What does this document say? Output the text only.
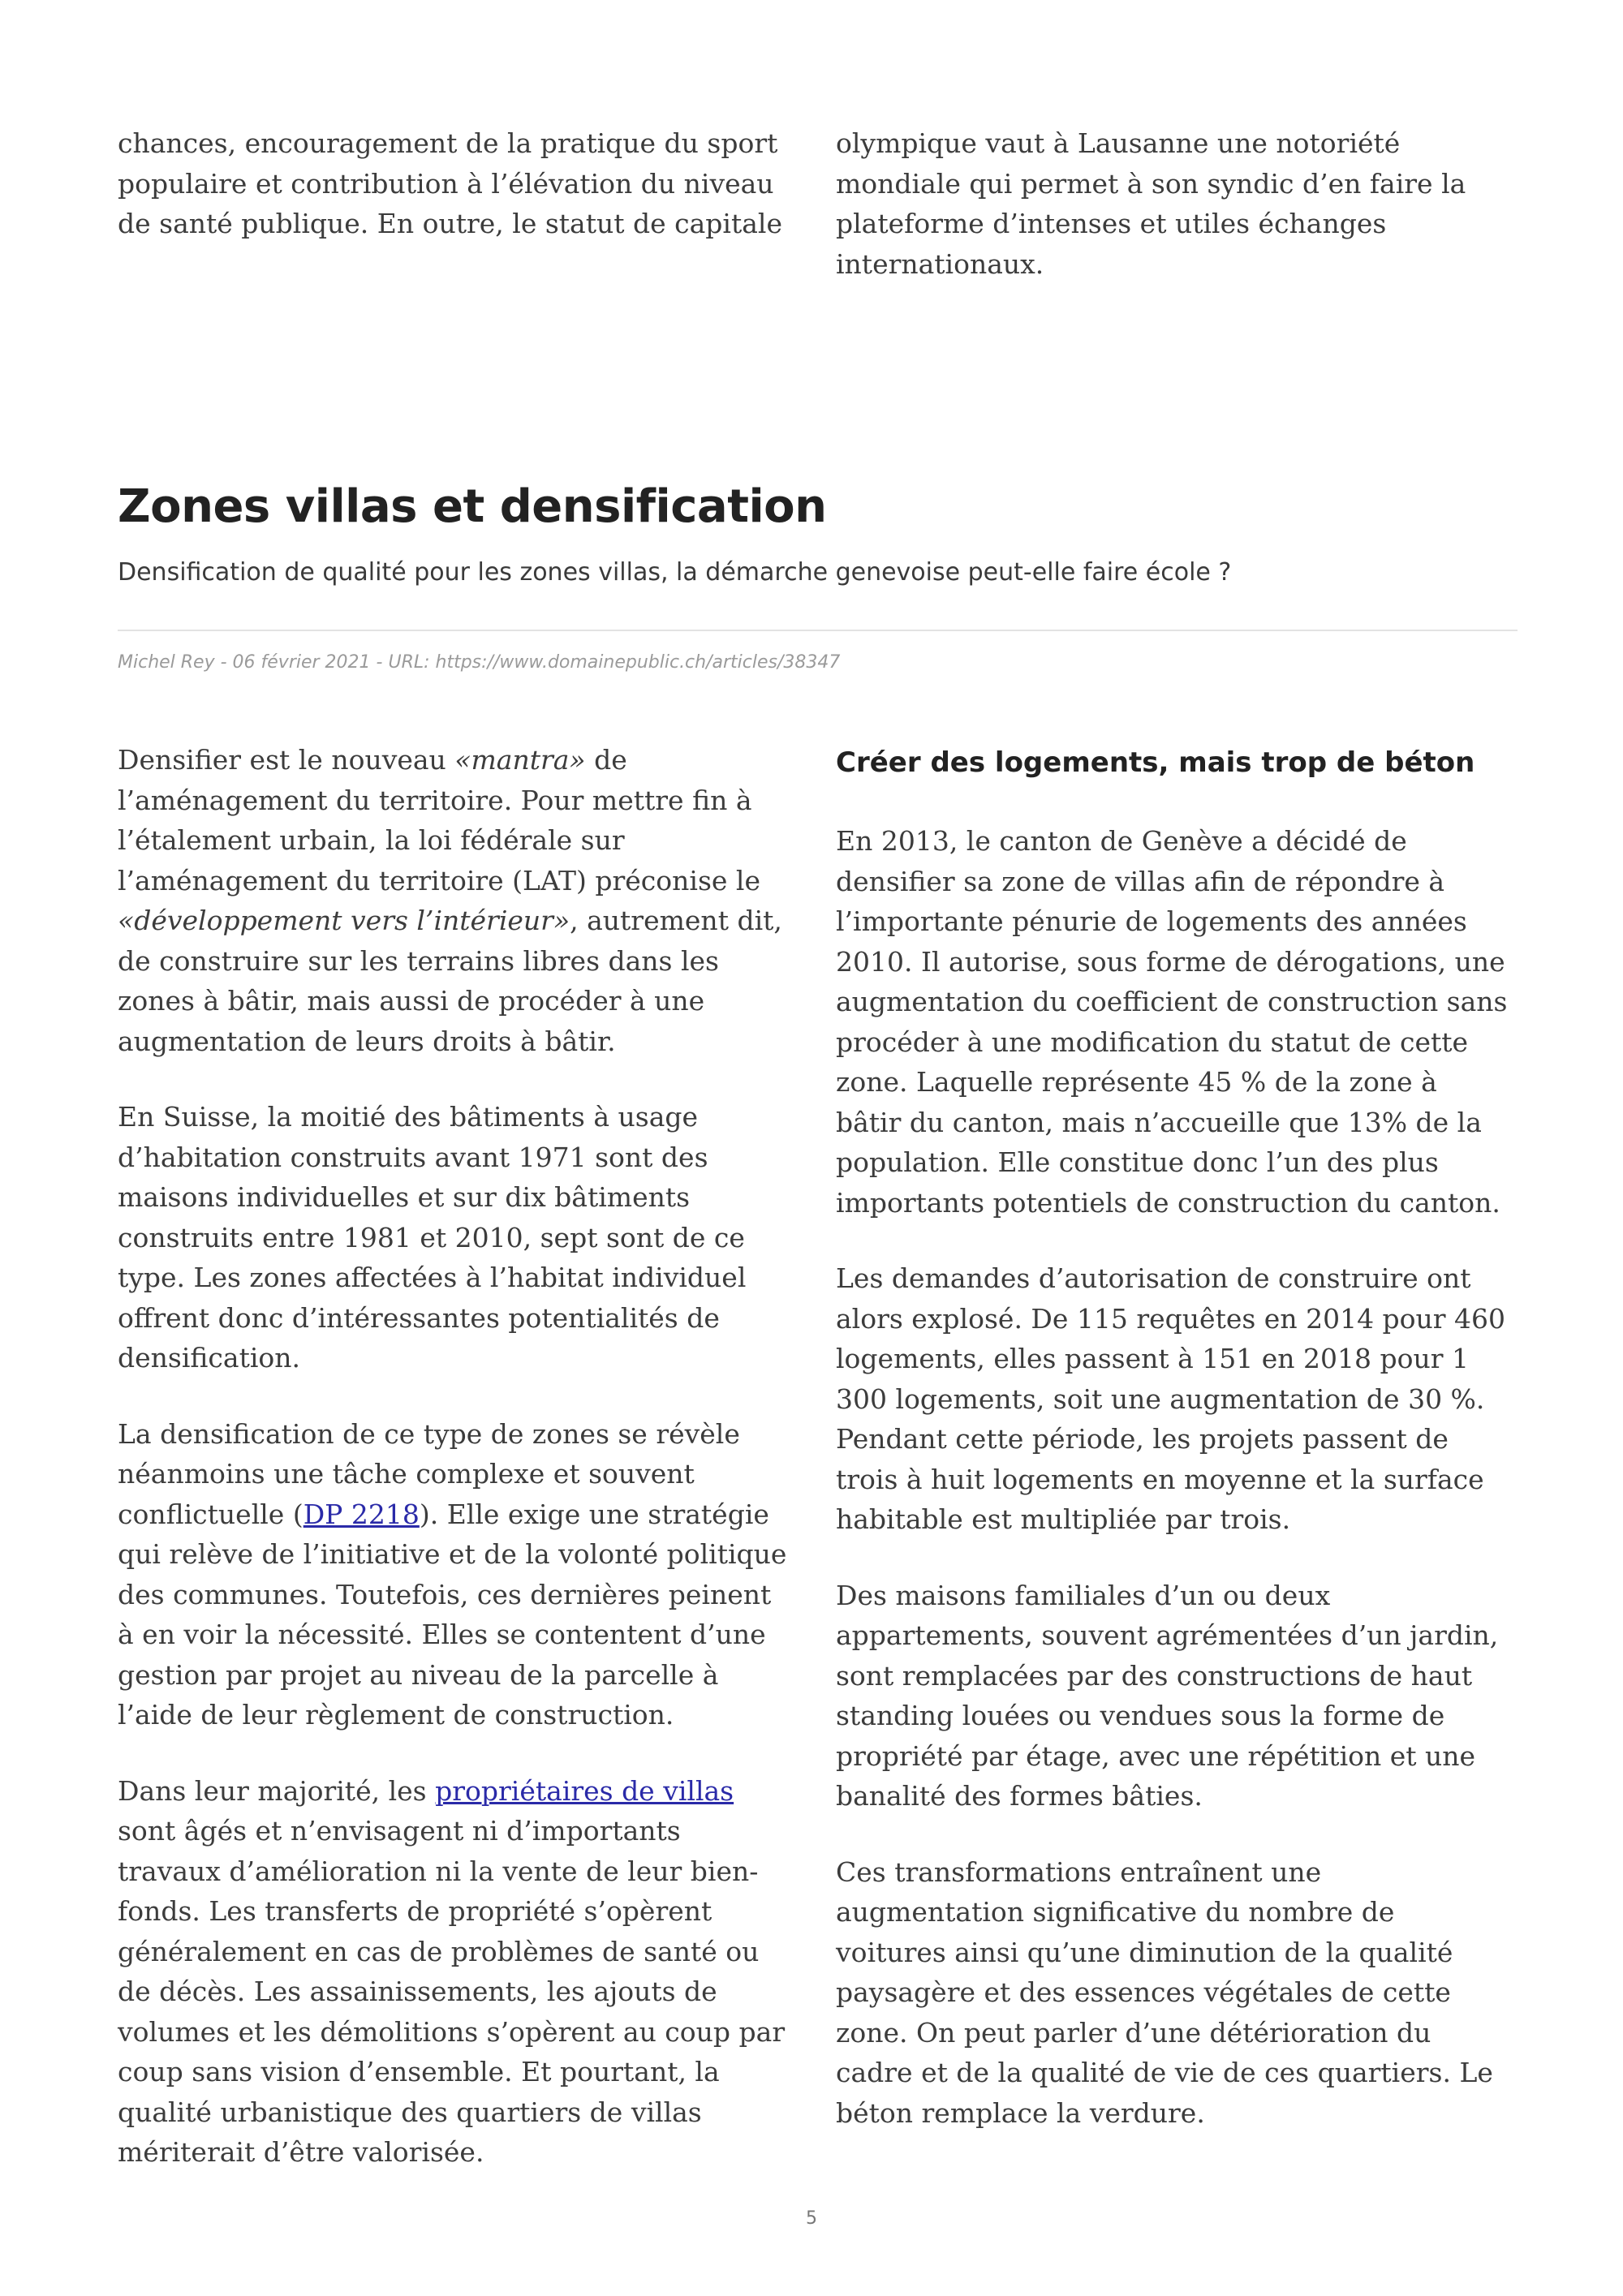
chances, encouragement de la pratique du sport populaire et contribution à l’élévation du niveau de santé publique. En outre, le statut de capitale

olympique vaut à Lausanne une notoriété mondiale qui permet à son syndic d’en faire la plateforme d’intenses et utiles échanges internationaux.

Zones villas et densification
Densification de qualité pour les zones villas, la démarche genevoise peut-elle faire école ?
Michel Rey - 06 février 2021 - URL: https://www.domainepublic.ch/articles/38347

Densifier est le nouveau «mantra» de l’aménagement du territoire. Pour mettre fin à l’étalement urbain, la loi fédérale sur l’aménagement du territoire (LAT) préconise le «développement vers l’intérieur», autrement dit, de construire sur les terrains libres dans les zones à bâtir, mais aussi de procéder à une augmentation de leurs droits à bâtir.

En Suisse, la moitié des bâtiments à usage d’habitation construits avant 1971 sont des maisons individuelles et sur dix bâtiments construits entre 1981 et 2010, sept sont de ce type. Les zones affectées à l’habitat individuel offrent donc d’intéressantes potentialités de densification.

La densification de ce type de zones se révèle néanmoins une tâche complexe et souvent conflictuelle (DP 2218). Elle exige une stratégie qui relève de l’initiative et de la volonté politique des communes. Toutefois, ces dernières peinent à en voir la nécessité. Elles se contentent d’une gestion par projet au niveau de la parcelle à l’aide de leur règlement de construction.

Dans leur majorité, les propriétaires de villas sont âgés et n’envisagent ni d’importants travaux d’amélioration ni la vente de leur bien-fonds. Les transferts de propriété s’opèrent généralement en cas de problèmes de santé ou de décès. Les assainissements, les ajouts de volumes et les démolitions s’opèrent au coup par coup sans vision d’ensemble. Et pourtant, la qualité urbanistique des quartiers de villas mériterait d’être valorisée.

Créer des logements, mais trop de béton

En 2013, le canton de Genève a décidé de densifier sa zone de villas afin de répondre à l’importante pénurie de logements des années 2010. Il autorise, sous forme de dérogations, une augmentation du coefficient de construction sans procéder à une modification du statut de cette zone. Laquelle représente 45 % de la zone à bâtir du canton, mais n’accueille que 13% de la population. Elle constitue donc l’un des plus importants potentiels de construction du canton.

Les demandes d’autorisation de construire ont alors explosé. De 115 requêtes en 2014 pour 460 logements, elles passent à 151 en 2018 pour 1 300 logements, soit une augmentation de 30 %. Pendant cette période, les projets passent de trois à huit logements en moyenne et la surface habitable est multipliée par trois.

Des maisons familiales d’un ou deux appartements, souvent agrémentées d’un jardin, sont remplacées par des constructions de haut standing louées ou vendues sous la forme de propriété par étage, avec une répétition et une banalité des formes bâties.

Ces transformations entraînent une augmentation significative du nombre de voitures ainsi qu’une diminution de la qualité paysagère et des essences végétales de cette zone. On peut parler d’une détérioration du cadre et de la qualité de vie de ces quartiers. Le béton remplace la verdure.

5
